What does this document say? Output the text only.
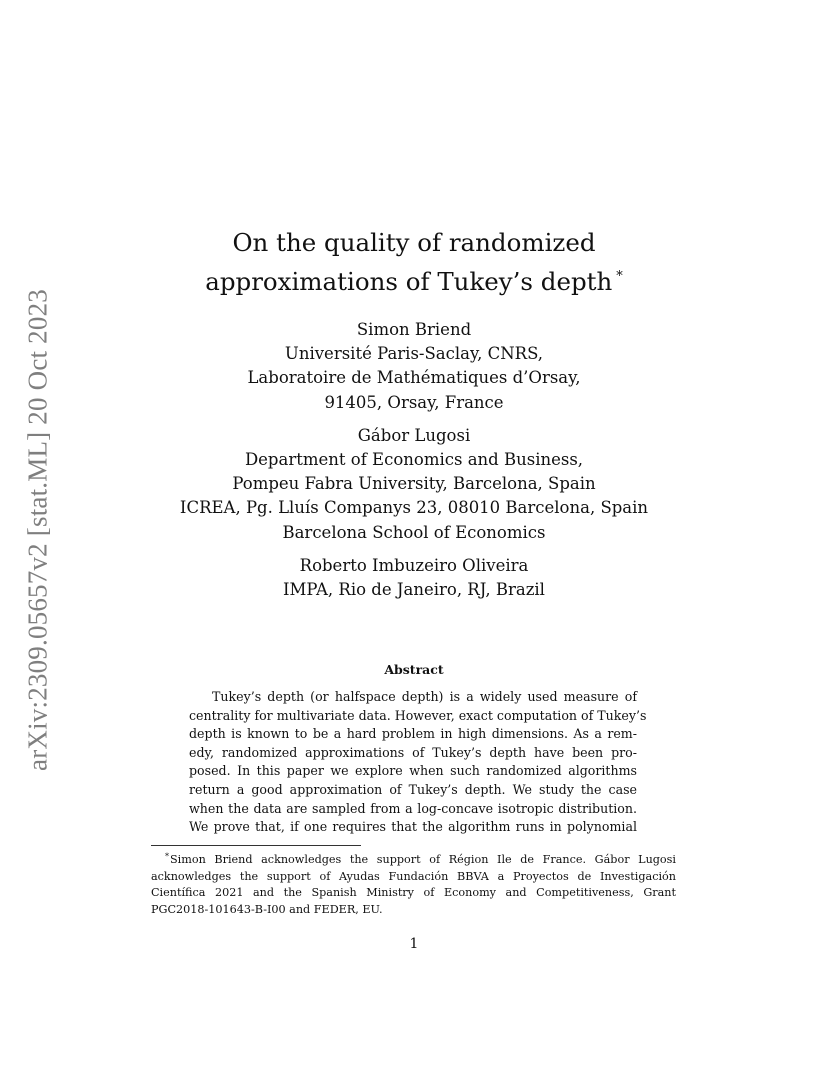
arXiv:2309.05657v2 [stat.ML] 20 Oct 2023
On the quality of randomized
approximations of Tukey’s depth *
Simon Briend
Université Paris-Saclay, CNRS,
Laboratoire de Mathématiques d’Orsay,
91405, Orsay, France
Gábor Lugosi
Department of Economics and Business,
Pompeu Fabra University, Barcelona, Spain
ICREA, Pg. Lluís Companys 23, 08010 Barcelona, Spain
Barcelona School of Economics
Roberto Imbuzeiro Oliveira
IMPA, Rio de Janeiro, RJ, Brazil
Abstract
Tukey’s depth (or halfspace depth) is a widely used measure of
centrality for multivariate data. However, exact computation of Tukey’s
depth is known to be a hard problem in high dimensions. As a rem-
edy, randomized approximations of Tukey’s depth have been pro-
posed. In this paper we explore when such randomized algorithms
return a good approximation of Tukey’s depth. We study the case
when the data are sampled from a log-concave isotropic distribution.
We prove that, if one requires that the algorithm runs in polynomial
*Simon Briend acknowledges the support of Région Ile de France. Gábor Lugosi
acknowledges the support of Ayudas Fundación BBVA a Proyectos de Investigación
Científica 2021 and the Spanish Ministry of Economy and Competitiveness, Grant
PGC2018-101643-B-I00 and FEDER, EU.
1
